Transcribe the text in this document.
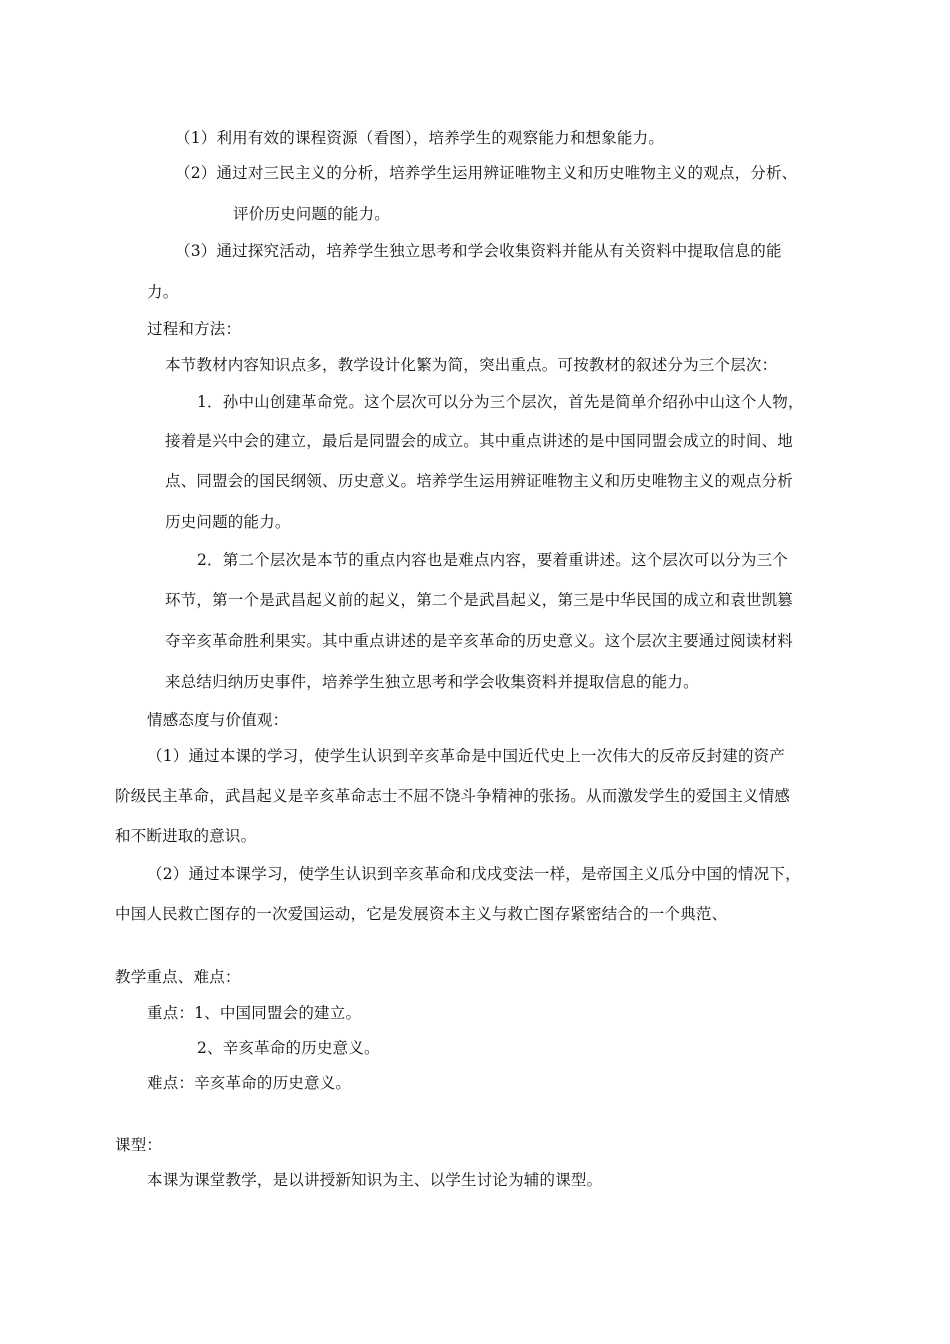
（1）利用有效的课程资源（看图），培养学生的观察能力和想象能力。
（2）通过对三民主义的分析，培养学生运用辨证唯物主义和历史唯物主义的观点，分析、
评价历史问题的能力。
（3）通过探究活动，培养学生独立思考和学会收集资料并能从有关资料中提取信息的能
力。
过程和方法：
本节教材内容知识点多，教学设计化繁为简，突出重点。可按教材的叙述分为三个层次：
1．孙中山创建革命党。这个层次可以分为三个层次，首先是简单介绍孙中山这个人物，
接着是兴中会的建立，最后是同盟会的成立。其中重点讲述的是中国同盟会成立的时间、地
点、同盟会的国民纲领、历史意义。培养学生运用辨证唯物主义和历史唯物主义的观点分析
历史问题的能力。
2．第二个层次是本节的重点内容也是难点内容，要着重讲述。这个层次可以分为三个
环节，第一个是武昌起义前的起义，第二个是武昌起义，第三是中华民国的成立和袁世凯篡
夺辛亥革命胜利果实。其中重点讲述的是辛亥革命的历史意义。这个层次主要通过阅读材料
来总结归纳历史事件，培养学生独立思考和学会收集资料并提取信息的能力。
情感态度与价值观：
（1）通过本课的学习，使学生认识到辛亥革命是中国近代史上一次伟大的反帝反封建的资产
阶级民主革命，武昌起义是辛亥革命志士不屈不饶斗争精神的张扬。从而激发学生的爱国主义情感
和不断进取的意识。
（2）通过本课学习，使学生认识到辛亥革命和戊戌变法一样，是帝国主义瓜分中国的情况下，
中国人民救亡图存的一次爱国运动，它是发展资本主义与救亡图存紧密结合的一个典范、
教学重点、难点：
重点：1、中国同盟会的建立。
2、辛亥革命的历史意义。
难点：辛亥革命的历史意义。
课型：
本课为课堂教学，是以讲授新知识为主、以学生讨论为辅的课型。
